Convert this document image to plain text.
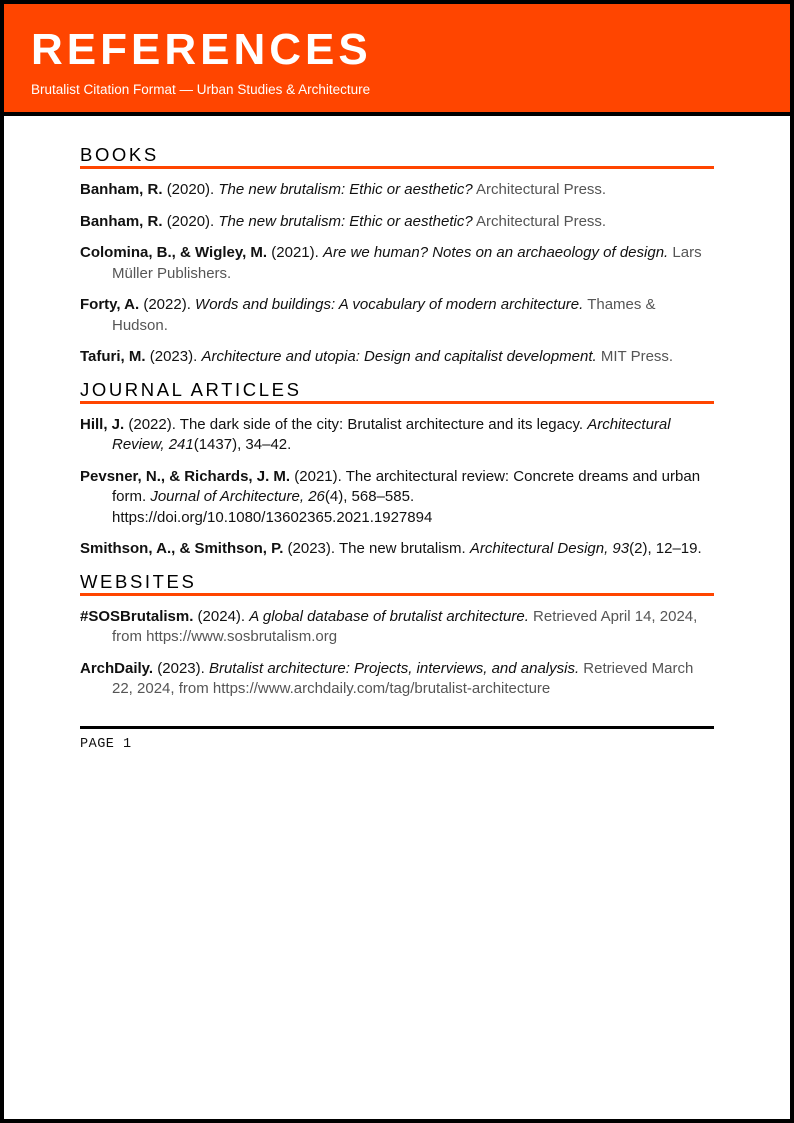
REFERENCES
Brutalist Citation Format — Urban Studies & Architecture
BOOKS
Banham, R. (2020). The new brutalism: Ethic or aesthetic? Architectural Press.
Banham, R. (2020). The new brutalism: Ethic or aesthetic? Architectural Press.
Colomina, B., & Wigley, M. (2021). Are we human? Notes on an archaeology of design. Lars Müller Publishers.
Forty, A. (2022). Words and buildings: A vocabulary of modern architecture. Thames & Hudson.
Tafuri, M. (2023). Architecture and utopia: Design and capitalist development. MIT Press.
JOURNAL ARTICLES
Hill, J. (2022). The dark side of the city: Brutalist architecture and its legacy. Architectural Review, 241(1437), 34–42.
Pevsner, N., & Richards, J. M. (2021). The architectural review: Concrete dreams and urban form. Journal of Architecture, 26(4), 568–585. https://doi.org/10.1080/13602365.2021.1927894
Smithson, A., & Smithson, P. (2023). The new brutalism. Architectural Design, 93(2), 12–19.
WEBSITES
#SOSBrutalism. (2024). A global database of brutalist architecture. Retrieved April 14, 2024, from https://www.sosbrutalism.org
ArchDaily. (2023). Brutalist architecture: Projects, interviews, and analysis. Retrieved March 22, 2024, from https://www.archdaily.com/tag/brutalist-architecture
PAGE 1
